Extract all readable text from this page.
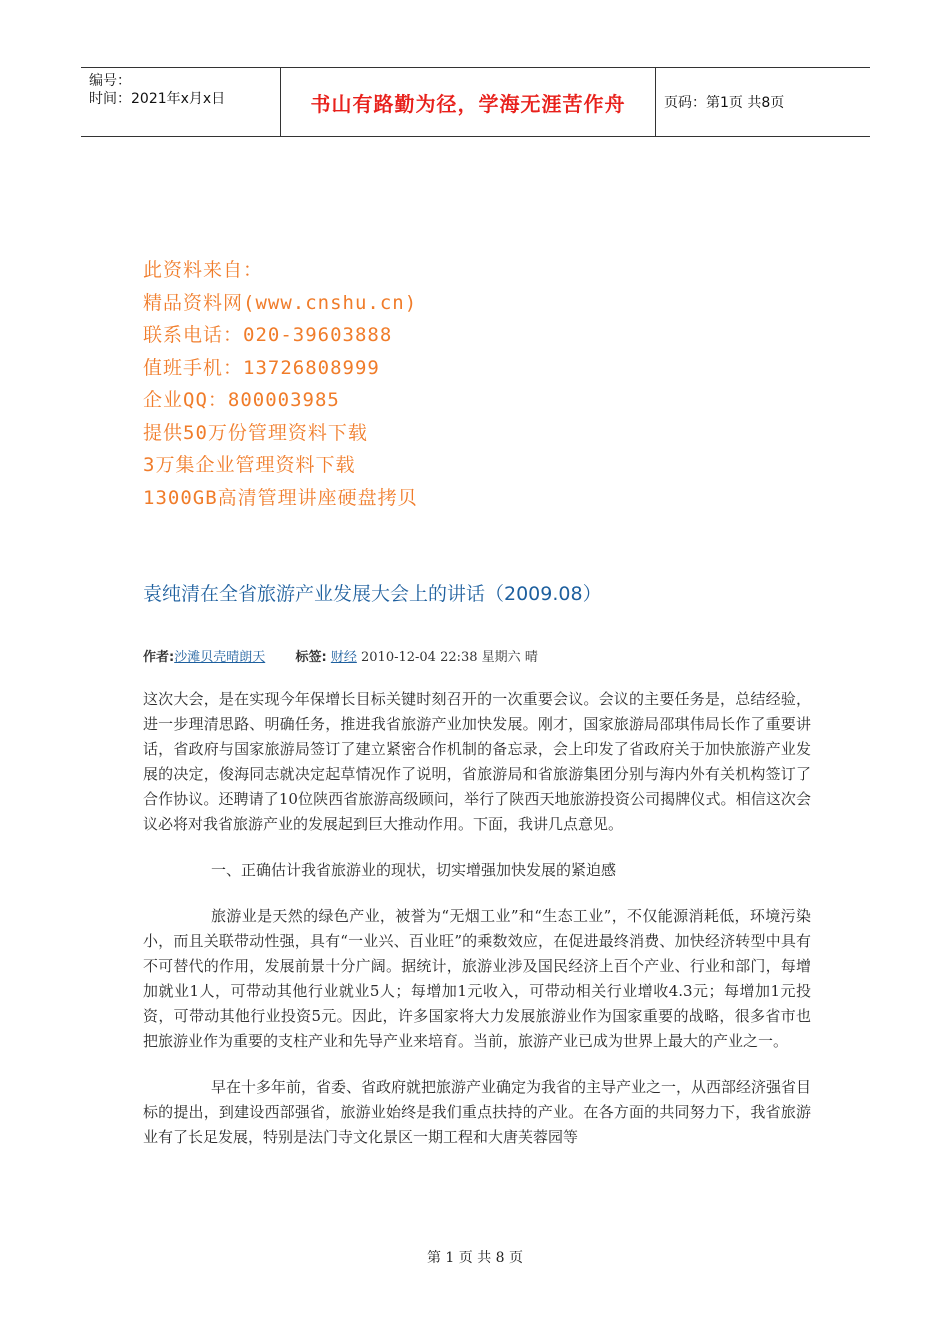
编号：
时间：2021年x月x日	书山有路勤为径，学海无涯苦作舟	页码：第1页 共8页
此资料来自：
精品资料网(www.cnshu.cn)
联系电话：020-39603888
值班手机：13726808999
企业QQ：800003985
提供50万份管理资料下载
3万集企业管理资料下载
1300GB高清管理讲座硬盘拷贝
袁纯清在全省旅游产业发展大会上的讲话（2009.08）
作者:沙滩贝壳晴朗天 标签: 财经 2010-12-04 22:38 星期六 晴

这次大会，是在实现今年保增长目标关键时刻召开的一次重要会议。会议的主要任务是，总结经验，进一步理清思路、明确任务，推进我省旅游产业加快发展。刚才，国家旅游局邵琪伟局长作了重要讲话，省政府与国家旅游局签订了建立紧密合作机制的备忘录，会上印发了省政府关于加快旅游产业发展的决定，俊海同志就决定起草情况作了说明，省旅游局和省旅游集团分别与海内外有关机构签订了合作协议。还聘请了10位陕西省旅游高级顾问，举行了陕西天地旅游投资公司揭牌仪式。相信这次会议必将对我省旅游产业的发展起到巨大推动作用。下面，我讲几点意见。

一、正确估计我省旅游业的现状，切实增强加快发展的紧迫感

旅游业是天然的绿色产业，被誉为“无烟工业”和“生态工业”，不仅能源消耗低，环境污染小，而且关联带动性强，具有“一业兴、百业旺”的乘数效应，在促进最终消费、加快经济转型中具有不可替代的作用，发展前景十分广阔。据统计，旅游业涉及国民经济上百个产业、行业和部门，每增加就业1人，可带动其他行业就业5人；每增加1元收入，可带动相关行业增收4.3元；每增加1元投资，可带动其他行业投资5元。因此，许多国家将大力发展旅游业作为国家重要的战略，很多省市也把旅游业作为重要的支柱产业和先导产业来培育。当前，旅游产业已成为世界上最大的产业之一。

早在十多年前，省委、省政府就把旅游产业确定为我省的主导产业之一，从西部经济强省目标的提出，到建设西部强省，旅游业始终是我们重点扶持的产业。在各方面的共同努力下，我省旅游业有了长足发展，特别是法门寺文化景区一期工程和大唐芙蓉园等

第 1 页 共 8 页
